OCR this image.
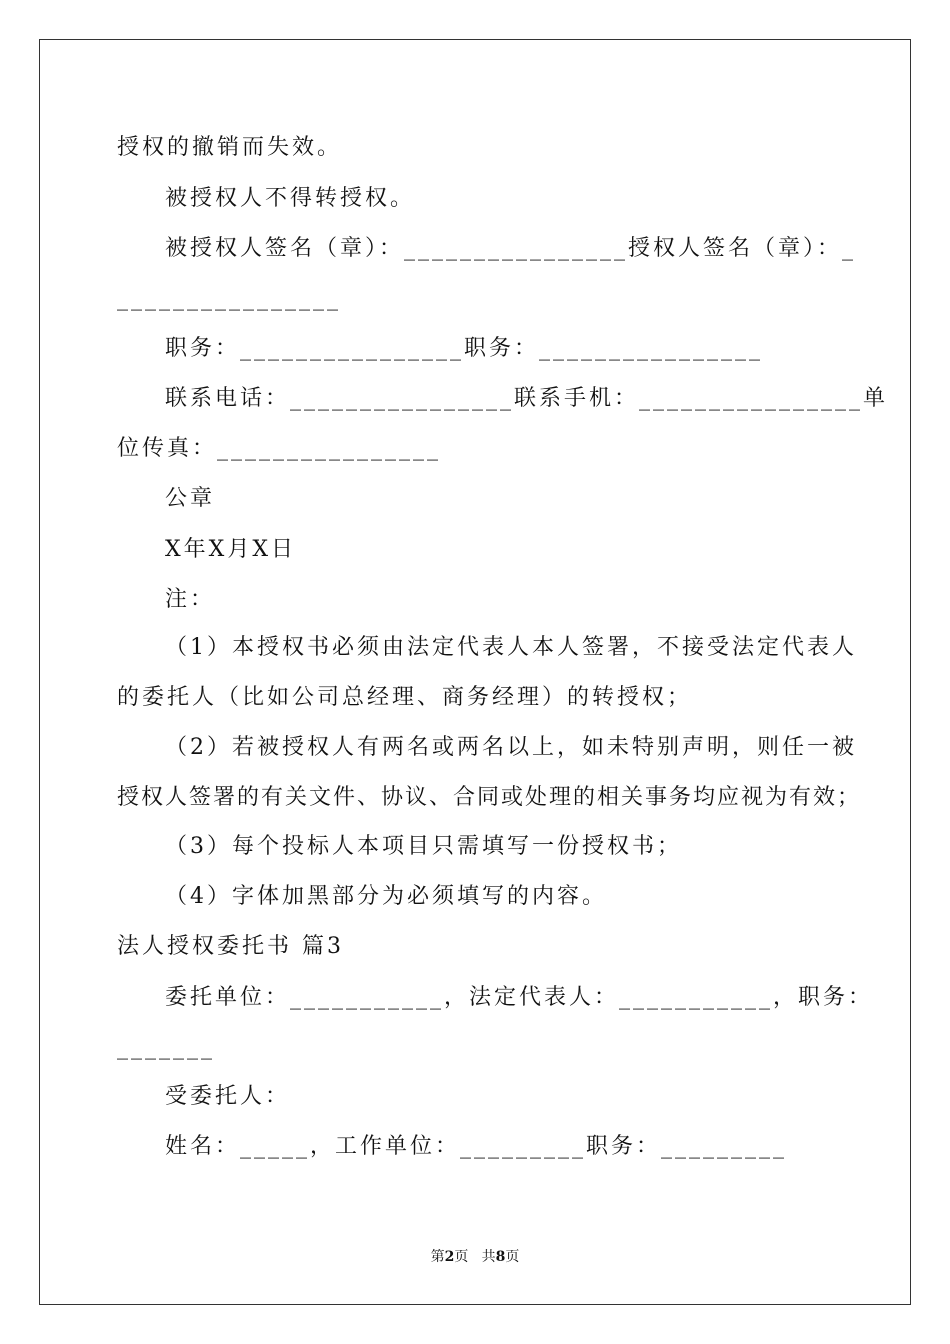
授权的撤销而失效。
被授权人不得转授权。
被授权人签名（章）：________________授权人签名（章）：_
________________
职务：________________职务：________________
联系电话：________________联系手机：________________单
位传真：________________
公章
X年X月X日
注：
（1）本授权书必须由法定代表人本人签署，不接受法定代表人
的委托人（比如公司总经理、商务经理）的转授权；
（2）若被授权人有两名或两名以上，如未特别声明，则任一被
授权人签署的有关文件、协议、合同或处理的相关事务均应视为有效；
（3）每个投标人本项目只需填写一份授权书；
（4）字体加黑部分为必须填写的内容。
法人授权委托书 篇3
委托单位：___________，法定代表人：___________，职务：
_______
受委托人：
姓名：_____，工作单位：_________职务：_________
第2页   共8页
